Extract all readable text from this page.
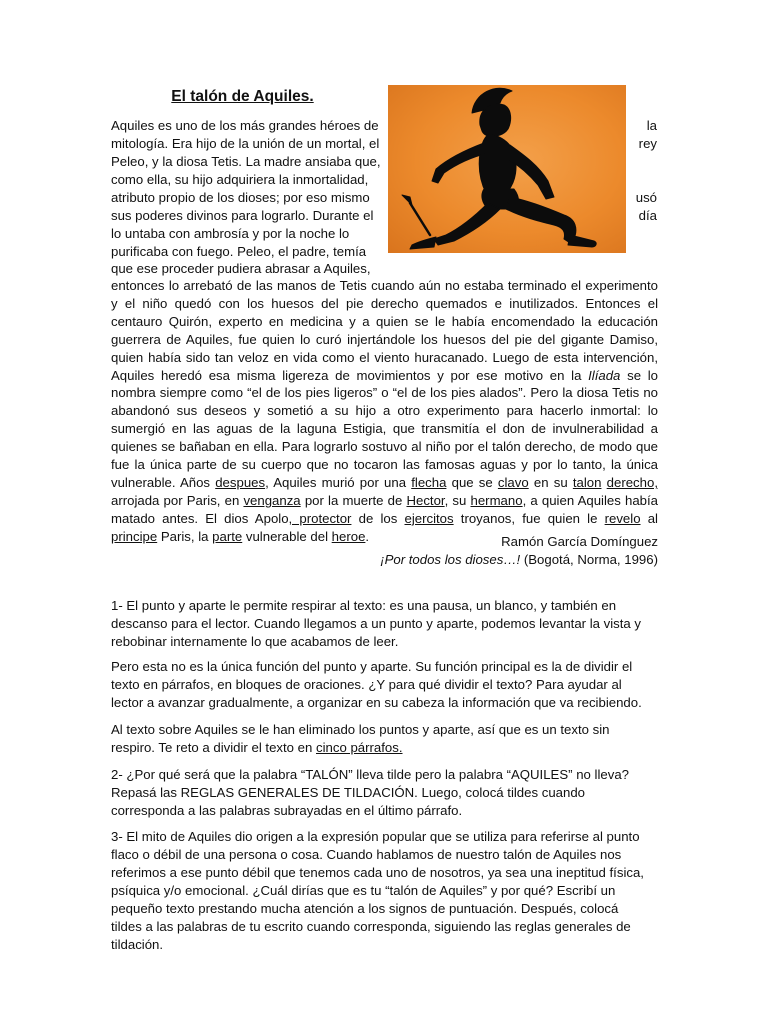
El talón de Aquiles.
Aquiles es uno de los más grandes héroes de	la
mitología. Era hijo de la unión de un mortal, el	rey
Peleo, y la diosa Tetis. La madre ansiaba que,
como ella, su hijo adquiriera la inmortalidad,
atributo propio de los dioses; por eso mismo	usó
sus poderes divinos para lograrlo. Durante el	día
lo untaba con ambrosía y por la noche lo
purificaba con fuego. Peleo, el padre, temía
que ese proceder pudiera abrasar a Aquiles,

entonces lo arrebató de las manos de Tetis cuando aún no estaba terminado el experimento y el niño quedó con los huesos del pie derecho quemados e inutilizados. Entonces el centauro Quirón, experto en medicina y a quien se le había encomendado la educación guerrera de Aquiles, fue quien lo curó injertándole los huesos del pie del gigante Damiso, quien había sido tan veloz en vida como el viento huracanado. Luego de esta intervención, Aquiles heredó esa misma ligereza de movimientos y por ese motivo en la Ilíada se lo nombra siempre como “el de los pies ligeros” o “el de los pies alados”. Pero la diosa Tetis no abandonó sus deseos y sometió a su hijo a otro experimento para hacerlo inmortal: lo sumergió en las aguas de la laguna Estigia, que transmitía el don de invulnerabilidad a quienes se bañaban en ella. Para lograrlo sostuvo al niño por el talón derecho, de modo que fue la única parte de su cuerpo que no tocaron las famosas aguas y por lo tanto, la única vulnerable. Años despues, Aquiles murió por una flecha que se clavo en su talon derecho, arrojada por Paris, en venganza por la muerte de Hector, su hermano, a quien Aquiles había matado antes. El dios Apolo, protector de los ejercitos troyanos, fue quien le revelo al principe Paris, la parte vulnerable del heroe.	Ramón García Domínguez
¡Por todos los dioses…! (Bogotá, Norma, 1996)

1- El punto y aparte le permite respirar al texto: es una pausa, un blanco, y también en descanso para el lector. Cuando llegamos a un punto y aparte, podemos levantar la vista y rebobinar internamente lo que acabamos de leer.

Pero esta no es la única función del punto y aparte. Su función principal es la de dividir el texto en párrafos, en bloques de oraciones. ¿Y para qué dividir el texto? Para ayudar al lector a avanzar gradualmente, a organizar en su cabeza la información que va recibiendo.

Al texto sobre Aquiles se le han eliminado los puntos y aparte, así que es un texto sin respiro. Te reto a dividir el texto en cinco párrafos.

2- ¿Por qué será que la palabra “TALÓN” lleva tilde pero la palabra “AQUILES” no lleva? Repasá las REGLAS GENERALES DE TILDACIÓN. Luego, colocá tildes cuando corresponda a las palabras subrayadas en el último párrafo.

3- El mito de Aquiles dio origen a la expresión popular que se utiliza para referirse al punto flaco o débil de una persona o cosa. Cuando hablamos de nuestro talón de Aquiles nos referimos a ese punto débil que tenemos cada uno de nosotros, ya sea una ineptitud física, psíquica y/o emocional. ¿Cuál dirías que es tu “talón de Aquiles” y por qué? Escribí un pequeño texto prestando mucha atención a los signos de puntuación. Después, colocá tildes a las palabras de tu escrito cuando corresponda, siguiendo las reglas generales de tildación.
